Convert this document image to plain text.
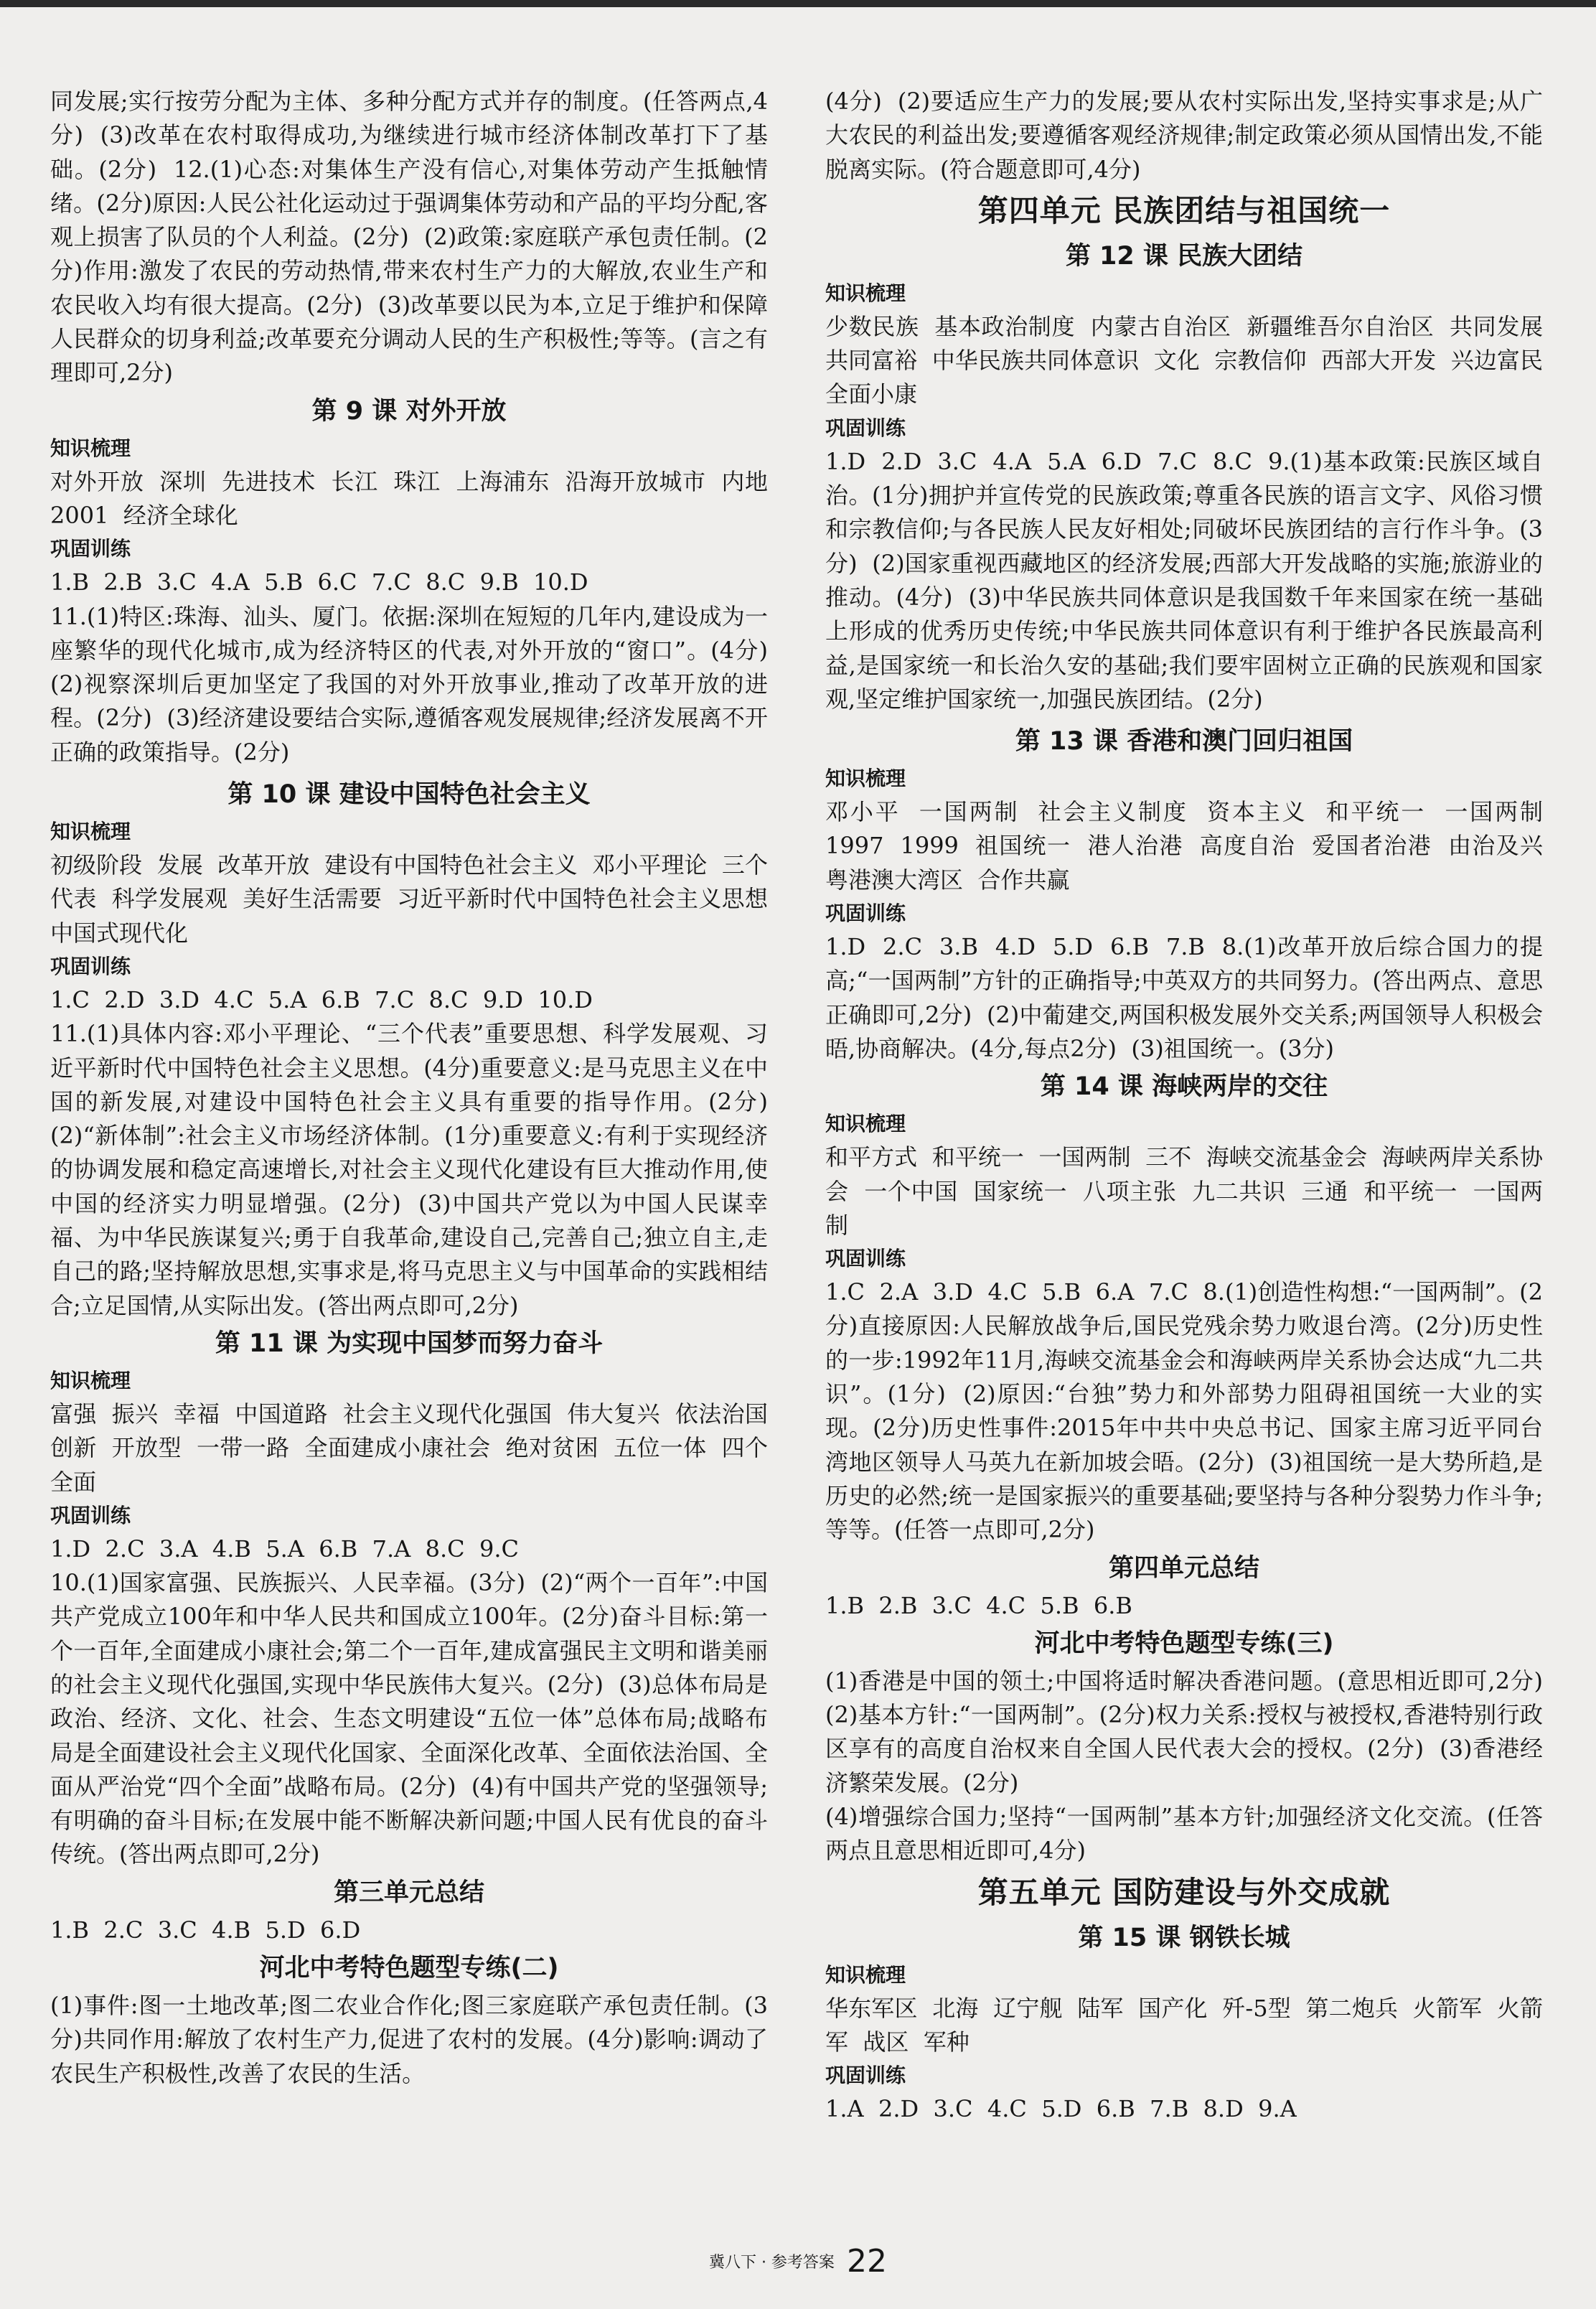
同发展;实行按劳分配为主体、多种分配方式并存的制度。(任答两点,4分)  (3)改革在农村取得成功,为继续进行城市经济体制改革打下了基础。(2分)  12.(1)心态:对集体生产没有信心,对集体劳动产生抵触情绪。(2分)原因:人民公社化运动过于强调集体劳动和产品的平均分配,客观上损害了队员的个人利益。(2分)  (2)政策:家庭联产承包责任制。(2分)作用:激发了农民的劳动热情,带来农村生产力的大解放,农业生产和农民收入均有很大提高。(2分)  (3)改革要以民为本,立足于维护和保障人民群众的切身利益;改革要充分调动人民的生产积极性;等等。(言之有理即可,2分)

第 9 课 对外开放

知识梳理

对外开放  深圳  先进技术  长江  珠江  上海浦东  沿海开放城市  内地  2001  经济全球化

巩固训练

1.B  2.B  3.C  4.A  5.B  6.C  7.C  8.C  9.B  10.D

11.(1)特区:珠海、汕头、厦门。依据:深圳在短短的几年内,建设成为一座繁华的现代化城市,成为经济特区的代表,对外开放的“窗口”。(4分)  (2)视察深圳后更加坚定了我国的对外开放事业,推动了改革开放的进程。(2分)  (3)经济建设要结合实际,遵循客观发展规律;经济发展离不开正确的政策指导。(2分)

第 10 课 建设中国特色社会主义

知识梳理

初级阶段  发展  改革开放  建设有中国特色社会主义  邓小平理论  三个代表  科学发展观  美好生活需要  习近平新时代中国特色社会主义思想  中国式现代化

巩固训练

1.C  2.D  3.D  4.C  5.A  6.B  7.C  8.C  9.D  10.D

11.(1)具体内容:邓小平理论、“三个代表”重要思想、科学发展观、习近平新时代中国特色社会主义思想。(4分)重要意义:是马克思主义在中国的新发展,对建设中国特色社会主义具有重要的指导作用。(2分)  (2)“新体制”:社会主义市场经济体制。(1分)重要意义:有利于实现经济的协调发展和稳定高速增长,对社会主义现代化建设有巨大推动作用,使中国的经济实力明显增强。(2分)  (3)中国共产党以为中国人民谋幸福、为中华民族谋复兴;勇于自我革命,建设自己,完善自己;独立自主,走自己的路;坚持解放思想,实事求是,将马克思主义与中国革命的实践相结合;立足国情,从实际出发。(答出两点即可,2分)

第 11 课 为实现中国梦而努力奋斗

知识梳理

富强  振兴  幸福  中国道路  社会主义现代化强国  伟大复兴  依法治国  创新  开放型  一带一路  全面建成小康社会  绝对贫困  五位一体  四个全面

巩固训练

1.D  2.C  3.A  4.B  5.A  6.B  7.A  8.C  9.C

10.(1)国家富强、民族振兴、人民幸福。(3分)  (2)“两个一百年”:中国共产党成立100年和中华人民共和国成立100年。(2分)奋斗目标:第一个一百年,全面建成小康社会;第二个一百年,建成富强民主文明和谐美丽的社会主义现代化强国,实现中华民族伟大复兴。(2分)  (3)总体布局是政治、经济、文化、社会、生态文明建设“五位一体”总体布局;战略布局是全面建设社会主义现代化国家、全面深化改革、全面依法治国、全面从严治党“四个全面”战略布局。(2分)  (4)有中国共产党的坚强领导;有明确的奋斗目标;在发展中能不断解决新问题;中国人民有优良的奋斗传统。(答出两点即可,2分)

第三单元总结

1.B  2.C  3.C  4.B  5.D  6.D

河北中考特色题型专练(二)

(1)事件:图一土地改革;图二农业合作化;图三家庭联产承包责任制。(3分)共同作用:解放了农村生产力,促进了农村的发展。(4分)影响:调动了农民生产积极性,改善了农民的生活。

(4分)  (2)要适应生产力的发展;要从农村实际出发,坚持实事求是;从广大农民的利益出发;要遵循客观经济规律;制定政策必须从国情出发,不能脱离实际。(符合题意即可,4分)

第四单元 民族团结与祖国统一

第 12 课 民族大团结

知识梳理

少数民族  基本政治制度  内蒙古自治区  新疆维吾尔自治区  共同发展  共同富裕  中华民族共同体意识  文化  宗教信仰  西部大开发  兴边富民  全面小康

巩固训练

1.D  2.D  3.C  4.A  5.A  6.D  7.C  8.C  9.(1)基本政策:民族区域自治。(1分)拥护并宣传党的民族政策;尊重各民族的语言文字、风俗习惯和宗教信仰;与各民族人民友好相处;同破坏民族团结的言行作斗争。(3分)  (2)国家重视西藏地区的经济发展;西部大开发战略的实施;旅游业的推动。(4分)  (3)中华民族共同体意识是我国数千年来国家在统一基础上形成的优秀历史传统;中华民族共同体意识有利于维护各民族最高利益,是国家统一和长治久安的基础;我们要牢固树立正确的民族观和国家观,坚定维护国家统一,加强民族团结。(2分)

第 13 课 香港和澳门回归祖国

知识梳理

邓小平  一国两制  社会主义制度  资本主义  和平统一  一国两制  1997  1999  祖国统一  港人治港  高度自治  爱国者治港  由治及兴  粤港澳大湾区  合作共赢

巩固训练

1.D  2.C  3.B  4.D  5.D  6.B  7.B  8.(1)改革开放后综合国力的提高;“一国两制”方针的正确指导;中英双方的共同努力。(答出两点、意思正确即可,2分)  (2)中葡建交,两国积极发展外交关系;两国领导人积极会晤,协商解决。(4分,每点2分)  (3)祖国统一。(3分)

第 14 课 海峡两岸的交往

知识梳理

和平方式  和平统一  一国两制  三不  海峡交流基金会  海峡两岸关系协会  一个中国  国家统一  八项主张  九二共识  三通  和平统一  一国两制

巩固训练

1.C  2.A  3.D  4.C  5.B  6.A  7.C  8.(1)创造性构想:“一国两制”。(2分)直接原因:人民解放战争后,国民党残余势力败退台湾。(2分)历史性的一步:1992年11月,海峡交流基金会和海峡两岸关系协会达成“九二共识”。(1分)  (2)原因:“台独”势力和外部势力阻碍祖国统一大业的实现。(2分)历史性事件:2015年中共中央总书记、国家主席习近平同台湾地区领导人马英九在新加坡会晤。(2分)  (3)祖国统一是大势所趋,是历史的必然;统一是国家振兴的重要基础;要坚持与各种分裂势力作斗争;等等。(任答一点即可,2分)

第四单元总结

1.B  2.B  3.C  4.C  5.B  6.B

河北中考特色题型专练(三)

(1)香港是中国的领土;中国将适时解决香港问题。(意思相近即可,2分)  (2)基本方针:“一国两制”。(2分)权力关系:授权与被授权,香港特别行政区享有的高度自治权来自全国人民代表大会的授权。(2分)  (3)香港经济繁荣发展。(2分)

(4)增强综合国力;坚持“一国两制”基本方针;加强经济文化交流。(任答两点且意思相近即可,4分)

第五单元 国防建设与外交成就

第 15 课 钢铁长城

知识梳理

华东军区  北海  辽宁舰  陆军  国产化  歼-5型  第二炮兵  火箭军  火箭军  战区  军种

巩固训练

1.A  2.D  3.C  4.C  5.D  6.B  7.B  8.D  9.A

冀八下 · 参考答案 22
